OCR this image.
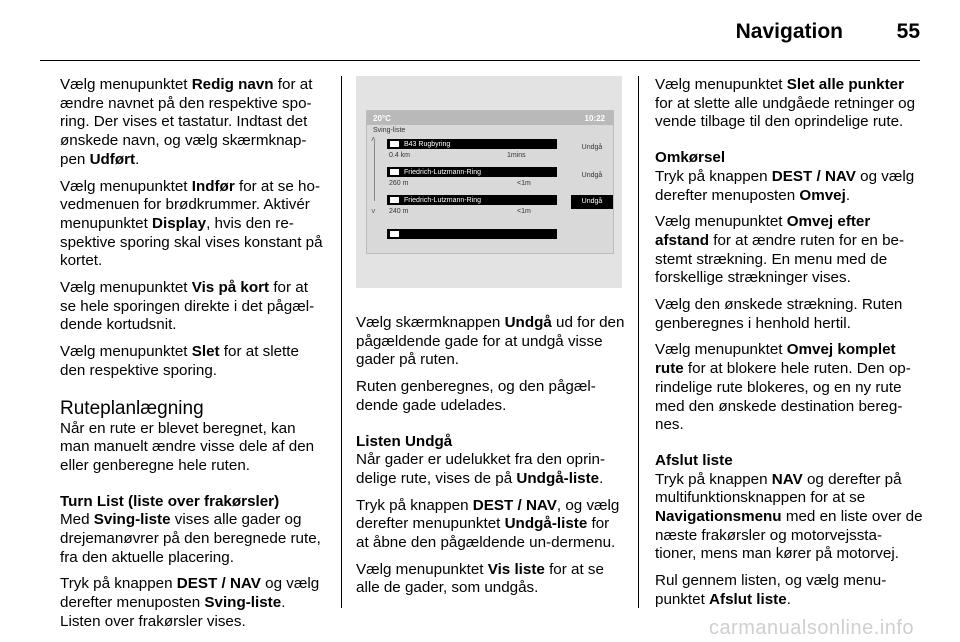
Navigation	55

Vælg menupunktet Redig navn for at ændre navnet på den respektive spo-ring. Der vises et tastatur. Indtast det ønskede navn, og vælg skærmknap-pen Udført.

Vælg menupunktet Indfør for at se ho-vedmenuen for brødkrummer. Aktivér menupunktet Display, hvis den re-spektive sporing skal vises konstant på kortet.

Vælg menupunktet Vis på kort for at se hele sporingen direkte i det pågæl-dende kortudsnit.

Vælg menupunktet Slet for at slette den respektive sporing.

Ruteplanlægning

Når en rute er blevet beregnet, kan man manuelt ændre visse dele af den eller genberegne hele ruten.

Turn List (liste over frakørsler)

Med Sving-liste vises alle gader og drejemanøvrer på den beregnede rute, fra den aktuelle placering.

Tryk på knappen DEST / NAV og vælg derefter menuposten Sving-liste. Listen over frakørsler vises.

20°C	10:22
Sving-liste
˄
˅
B43 Rugbyring
0.4 km	1mins
Undgå
Friedrich-Lutzmann-Ring
260 m	<1m
Undgå
Friedrich-Lutzmann-Ring
240 m	<1m
Undgå

Vælg skærmknappen Undgå ud for den pågældende gade for at undgå visse gader på ruten.

Ruten genberegnes, og den pågæl-dende gade udelades.

Listen Undgå

Når gader er udelukket fra den oprin-delige rute, vises de på Undgå-liste.

Tryk på knappen DEST / NAV, og vælg derefter menupunktet Undgå-liste for at åbne den pågældende un-dermenu.

Vælg menupunktet Vis liste for at se alle de gader, som undgås.

Vælg menupunktet Slet alle punkter for at slette alle undgåede retninger og vende tilbage til den oprindelige rute.

Omkørsel

Tryk på knappen DEST / NAV og vælg derefter menuposten Omvej.

Vælg menupunktet Omvej efter afstand for at ændre ruten for en be-stemt strækning. En menu med de forskellige strækninger vises.

Vælg den ønskede strækning. Ruten genberegnes i henhold hertil.

Vælg menupunktet Omvej komplet rute for at blokere hele ruten. Den op-rindelige rute blokeres, og en ny rute med den ønskede destination bereg-nes.

Afslut liste

Tryk på knappen NAV og derefter på multifunktionsknappen for at se Navigationsmenu med en liste over de næste frakørsler og motorvejssta-tioner, mens man kører på motorvej.

Rul gennem listen, og vælg menu-punktet Afslut liste.

carmanualsonline.info
